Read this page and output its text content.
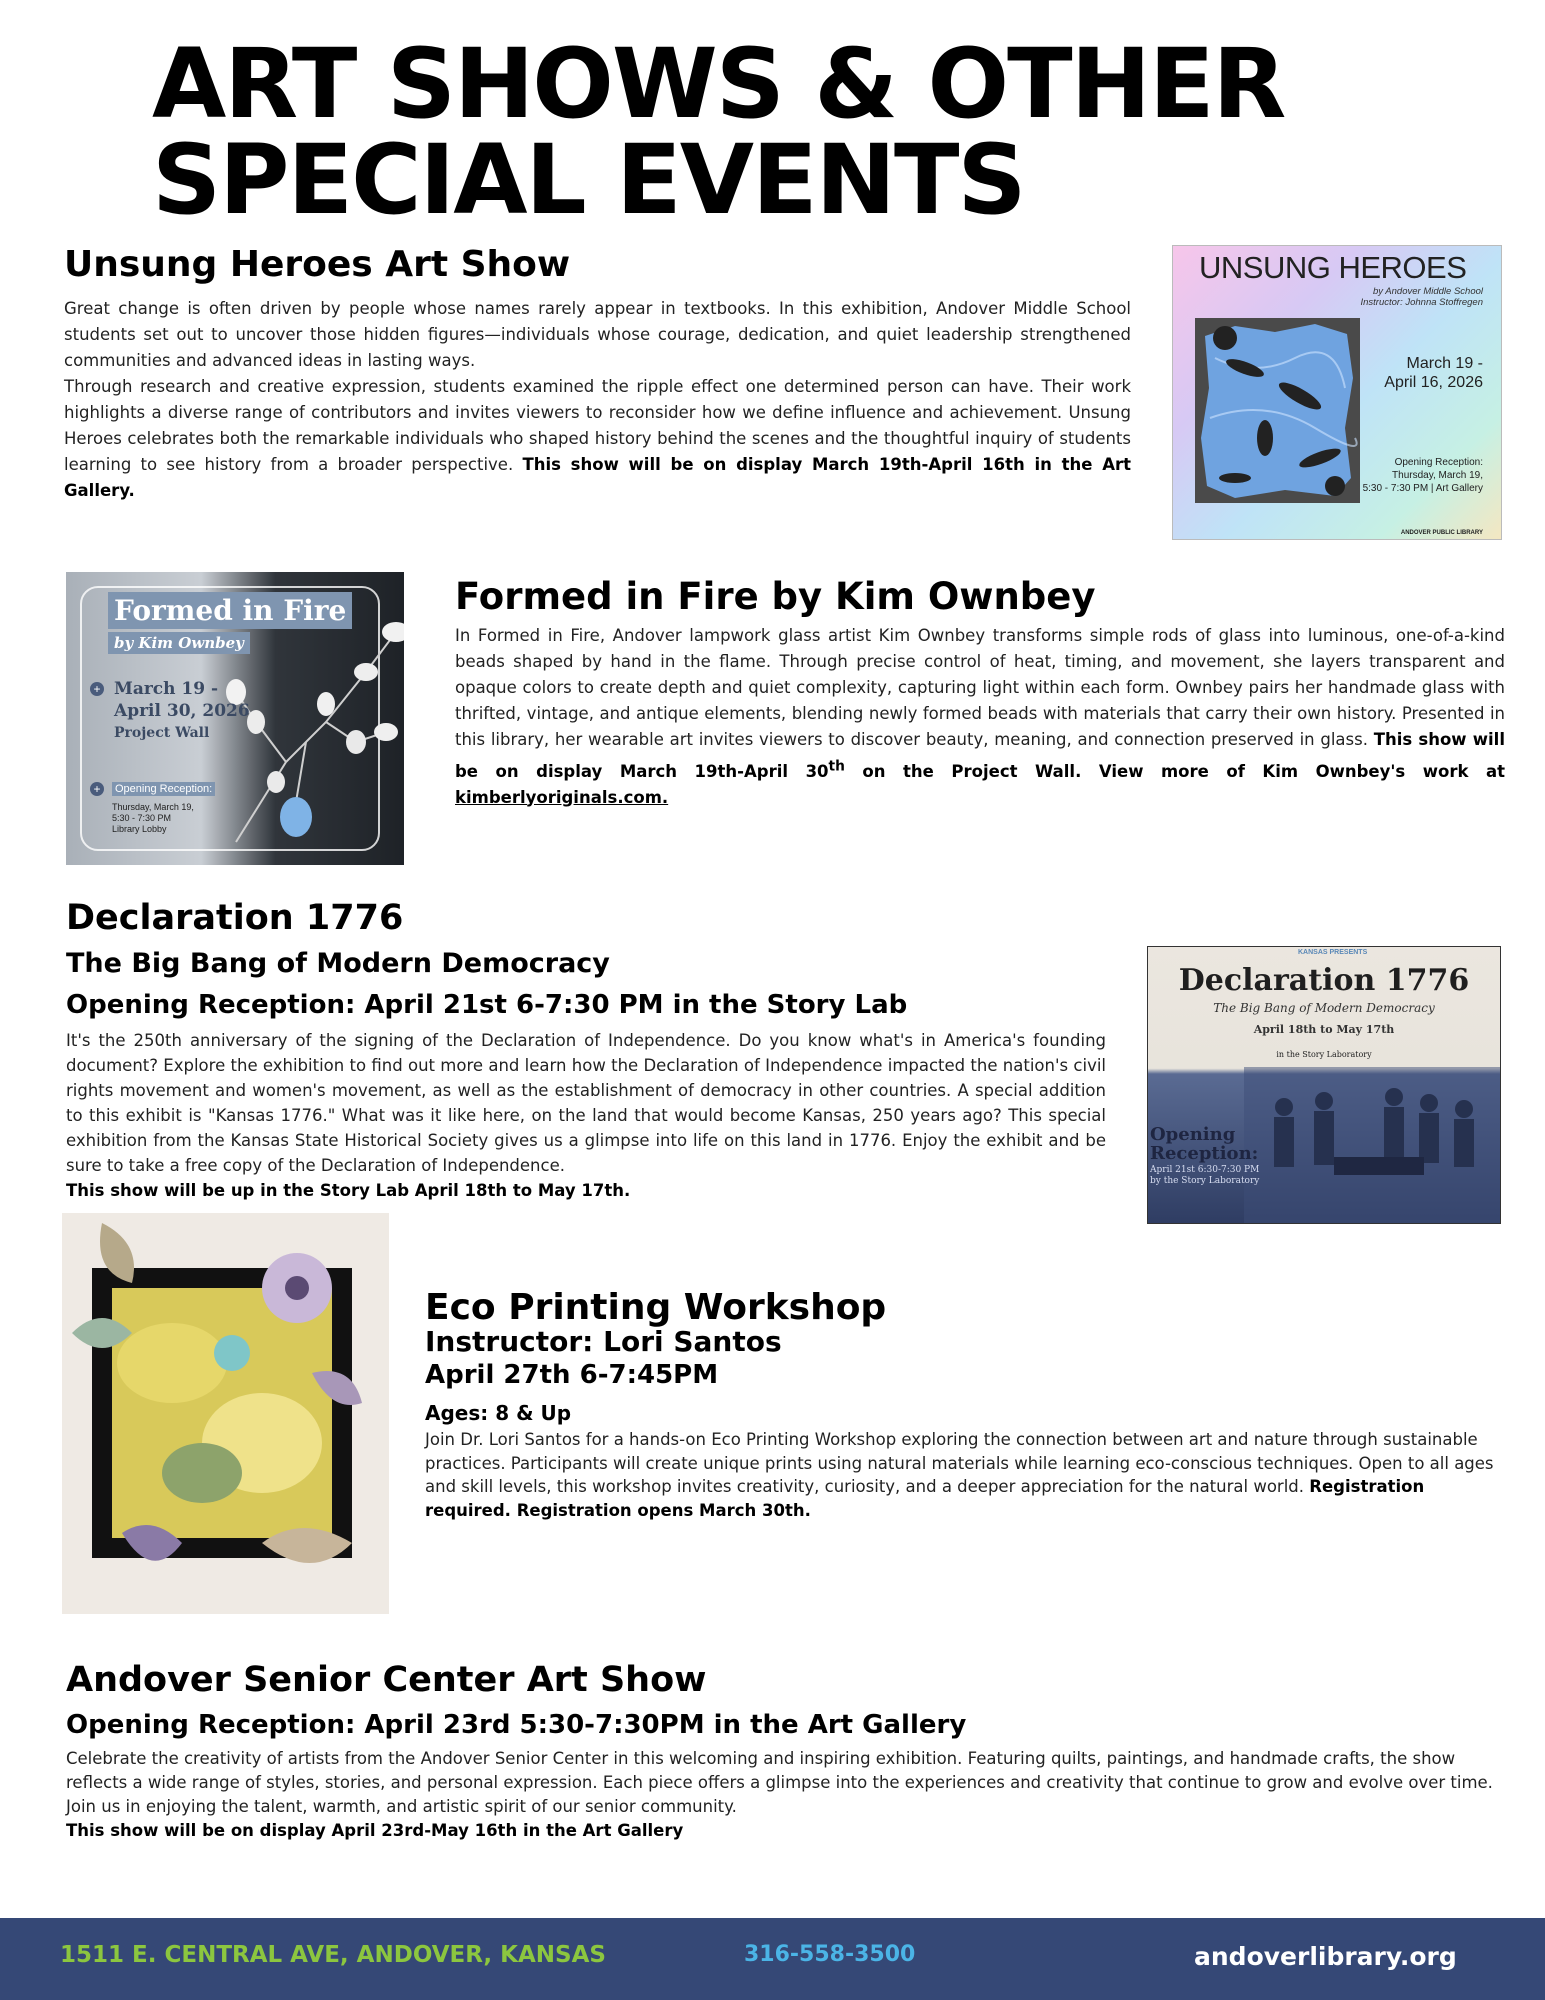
ART SHOWS & OTHER
SPECIAL EVENTS
Unsung Heroes Art Show

Great change is often driven by people whose names rarely appear in textbooks. In this exhibition, Andover Middle School students set out to uncover those hidden figures—individuals whose courage, dedication, and quiet leadership strengthened communities and advanced ideas in lasting ways.

Through research and creative expression, students examined the ripple effect one determined person can have. Their work highlights a diverse range of contributors and invites viewers to reconsider how we define influence and achievement. Unsung Heroes celebrates both the remarkable individuals who shaped history behind the scenes and the thoughtful inquiry of students learning to see history from a broader perspective. This show will be on display March 19th-April 16th in the Art Gallery.

UNSUNG HEROES
by Andover Middle School
Instructor: Johnna Stoffregen
March 19 -
April 16, 2026
Opening Reception:
Thursday, March 19,
5:30 - 7:30 PM | Art Gallery
ANDOVER PUBLIC LIBRARY
Formed in Fire
by Kim Ownbey
+ March 19 -
April 30, 2026
Project Wall
+	Opening Reception:
Thursday, March 19,
5:30 - 7:30 PM
Library Lobby
Formed in Fire by Kim Ownbey
In Formed in Fire, Andover lampwork glass artist Kim Ownbey transforms simple rods of glass into luminous, one-of-a-kind beads shaped by hand in the flame. Through precise control of heat, timing, and movement, she layers transparent and opaque colors to create depth and quiet complexity, capturing light within each form. Ownbey pairs her handmade glass with thrifted, vintage, and antique elements, blending newly formed beads with materials that carry their own history. Presented in this library, her wearable art invites viewers to discover beauty, meaning, and connection preserved in glass. This show will be on display March 19th-April 30th on the Project Wall. View more of Kim Ownbey's work at kimberlyoriginals.com.
Declaration 1776
The Big Bang of Modern Democracy
Opening Reception: April 21st 6-7:30 PM in the Story Lab

It's the 250th anniversary of the signing of the Declaration of Independence. Do you know what's in America's founding document? Explore the exhibition to find out more and learn how the Declaration of Independence impacted the nation's civil rights movement and women's movement, as well as the establishment of democracy in other countries. A special addition to this exhibit is "Kansas 1776." What was it like here, on the land that would become Kansas, 250 years ago? This special exhibition from the Kansas State Historical Society gives us a glimpse into life on this land in 1776. Enjoy the exhibit and be sure to take a free copy of the Declaration of Independence.

This show will be up in the Story Lab April 18th to May 17th.

KANSAS PRESENTS
Declaration 1776
The Big Bang of Modern Democracy
April 18th to May 17th
in the Story Laboratory
Opening
Reception:
April 21st 6:30-7:30 PM
by the Story Laboratory
Eco Printing Workshop
Instructor: Lori Santos
April 27th 6-7:45PM
Ages: 8 & Up
Join Dr. Lori Santos for a hands-on Eco Printing Workshop exploring the connection between art and nature through sustainable practices. Participants will create unique prints using natural materials while learning eco-conscious techniques. Open to all ages and skill levels, this workshop invites creativity, curiosity, and a deeper appreciation for the natural world. Registration required. Registration opens March 30th.
Andover Senior Center Art Show
Opening Reception: April 23rd 5:30-7:30PM in the Art Gallery

Celebrate the creativity of artists from the Andover Senior Center in this welcoming and inspiring exhibition. Featuring quilts, paintings, and handmade crafts, the show reflects a wide range of styles, stories, and personal expression. Each piece offers a glimpse into the experiences and creativity that continue to grow and evolve over time. Join us in enjoying the talent, warmth, and artistic spirit of our senior community.

This show will be on display April 23rd-May 16th in the Art Gallery

1511 E. CENTRAL AVE, ANDOVER, KANSAS	316-558-3500	andoverlibrary.org
